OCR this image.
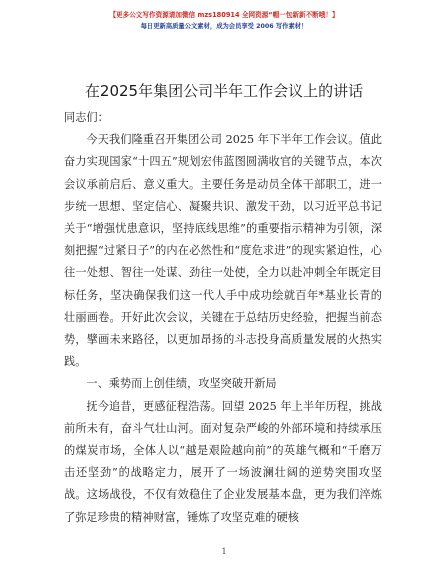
【更多公文写作资源请加微信 mzs180914 全网资源“帽一包新新不断哦！】
每日更新高质量公文素材，成为会员享受 2006 写作素材！
在2025年集团公司半年工作会议上的讲话

同志们：

今天我们隆重召开集团公司 2025 年下半年工作会议。值此奋力实现国家“十四五”规划宏伟蓝图圆满收官的关键节点，本次会议承前启后、意义重大。主要任务是动员全体干部职工，进一步统一思想、坚定信心、凝聚共识、激发干劲，以习近平总书记关于“增强忧患意识，坚持底线思维”的重要指示精神为引领，深刻把握“过紧日子”的内在必然性和“度危求进”的现实紧迫性，心往一处想、智往一处谋、劲往一处使，全力以赴冲刺全年既定目标任务，坚决确保我们这一代人手中成功绘就百年*基业长青的壮丽画卷。开好此次会议，关键在于总结历史经验，把握当前态势，擘画未来路径，以更加昂扬的斗志投身高质量发展的火热实践。

一、乘势而上创佳绩，攻坚突破开新局

抚今追昔，更感征程浩荡。回望 2025 年上半年历程，挑战前所未有，奋斗气壮山河。面对复杂严峻的外部环境和持续承压的煤炭市场，全体人以“越是艰险越向前”的英雄气概和“千磨万击还坚劲”的战略定力，展开了一场波澜壮阔的逆势突围攻坚战。这场战役，不仅有效稳住了企业发展基本盘，更为我们淬炼了弥足珍贵的精神财富，锤炼了攻坚克难的硬核

1
